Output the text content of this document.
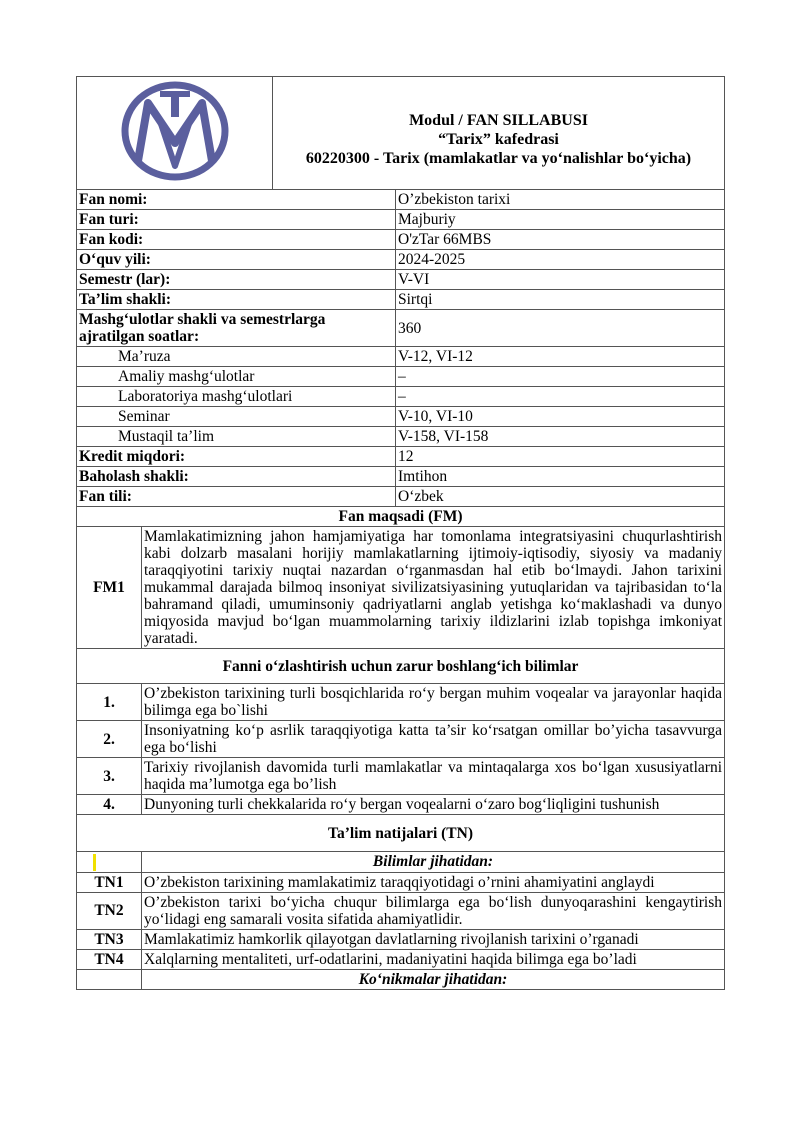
Modul / FAN SILLABUSI
“Tarix” kafedrasi
60220300 - Tarix (mamlakatlar va yo‘nalishlar bo‘yicha)	

Fan nomi:			O’zbekiston tarixi
Fan turi:			Majburiy
Fan kodi:			O'zTar 66MBS
O‘quv yili:			2024-2025
Semestr (lar):			V-VI
Ta’lim shakli:			Sirtqi
Mashg‘ulotlar shakli va semestrlarga ajratilgan soatlar:			360
Ma’ruza			V-12, VI-12
Amaliy mashg‘ulotlar			–
Laboratoriya mashg‘ulotlari			–
Seminar			V-10, VI-10
Mustaqil ta’lim			V-158, VI-158
Kredit miqdori:			12
Baholash shakli:			Imtihon
Fan tili:			O‘zbek
Fan maqsadi (FM)			
FM1	Mamlakatimizning jahon hamjamiyatiga har tomonlama integratsiyasini chuqurlashtirish kabi dolzarb masalani horijiy mamlakatlarning ijtimoiy-iqtisodiy, siyosiy va madaniy taraqqiyotini tarixiy nuqtai nazardan o‘rganmasdan hal etib bo‘lmaydi. Jahon tarixini mukammal darajada bilmoq insoniyat sivilizatsiyasining yutuqlaridan va tajribasidan to‘la bahramand qiladi, umuminsoniy qadriyatlarni anglab yetishga ko‘maklashadi va dunyo miqyosida mavjud bo‘lgan muammolarning tarixiy ildizlarini izlab topishga imkoniyat yaratadi.		
Fanni o‘zlashtirish uchun zarur boshlang‘ich bilimlar			
1.	O’zbekiston tarixining turli bosqichlarida ro‘y bergan muhim voqealar va jarayonlar haqida bilimga ega bo`lishi		
2.	Insoniyatning ko‘p asrlik taraqqiyotiga katta ta’sir ko‘rsatgan omillar bo’yicha tasavvurga ega bo‘lishi		
3.	Tarixiy rivojlanish davomida turli mamlakatlar va mintaqalarga xos bo‘lgan xususiyatlarni haqida ma’lumotga ega bo’lish		
4.	Dunyoning turli chekkalarida ro‘y bergan voqealarni o‘zaro bog‘liqligini tushunish		
Ta’lim natijalari (TN)			
	Bilimlar jihatidan:		
TN1	O’zbekiston tarixining mamlakatimiz taraqqiyotidagi o’rnini ahamiyatini anglaydi		
TN2	O’zbekiston tarixi bo‘yicha chuqur bilimlarga ega bo‘lish dunyoqarashini kengaytirish yo‘lidagi eng samarali vosita sifatida ahamiyatlidir.		
TN3	Mamlakatimiz hamkorlik qilayotgan davlatlarning rivojlanish tarixini o’rganadi		
TN4	Xalqlarning mentaliteti, urf-odatlarini, madaniyatini haqida bilimga ega bo’ladi		
	Ko‘nikmalar jihatidan:		
